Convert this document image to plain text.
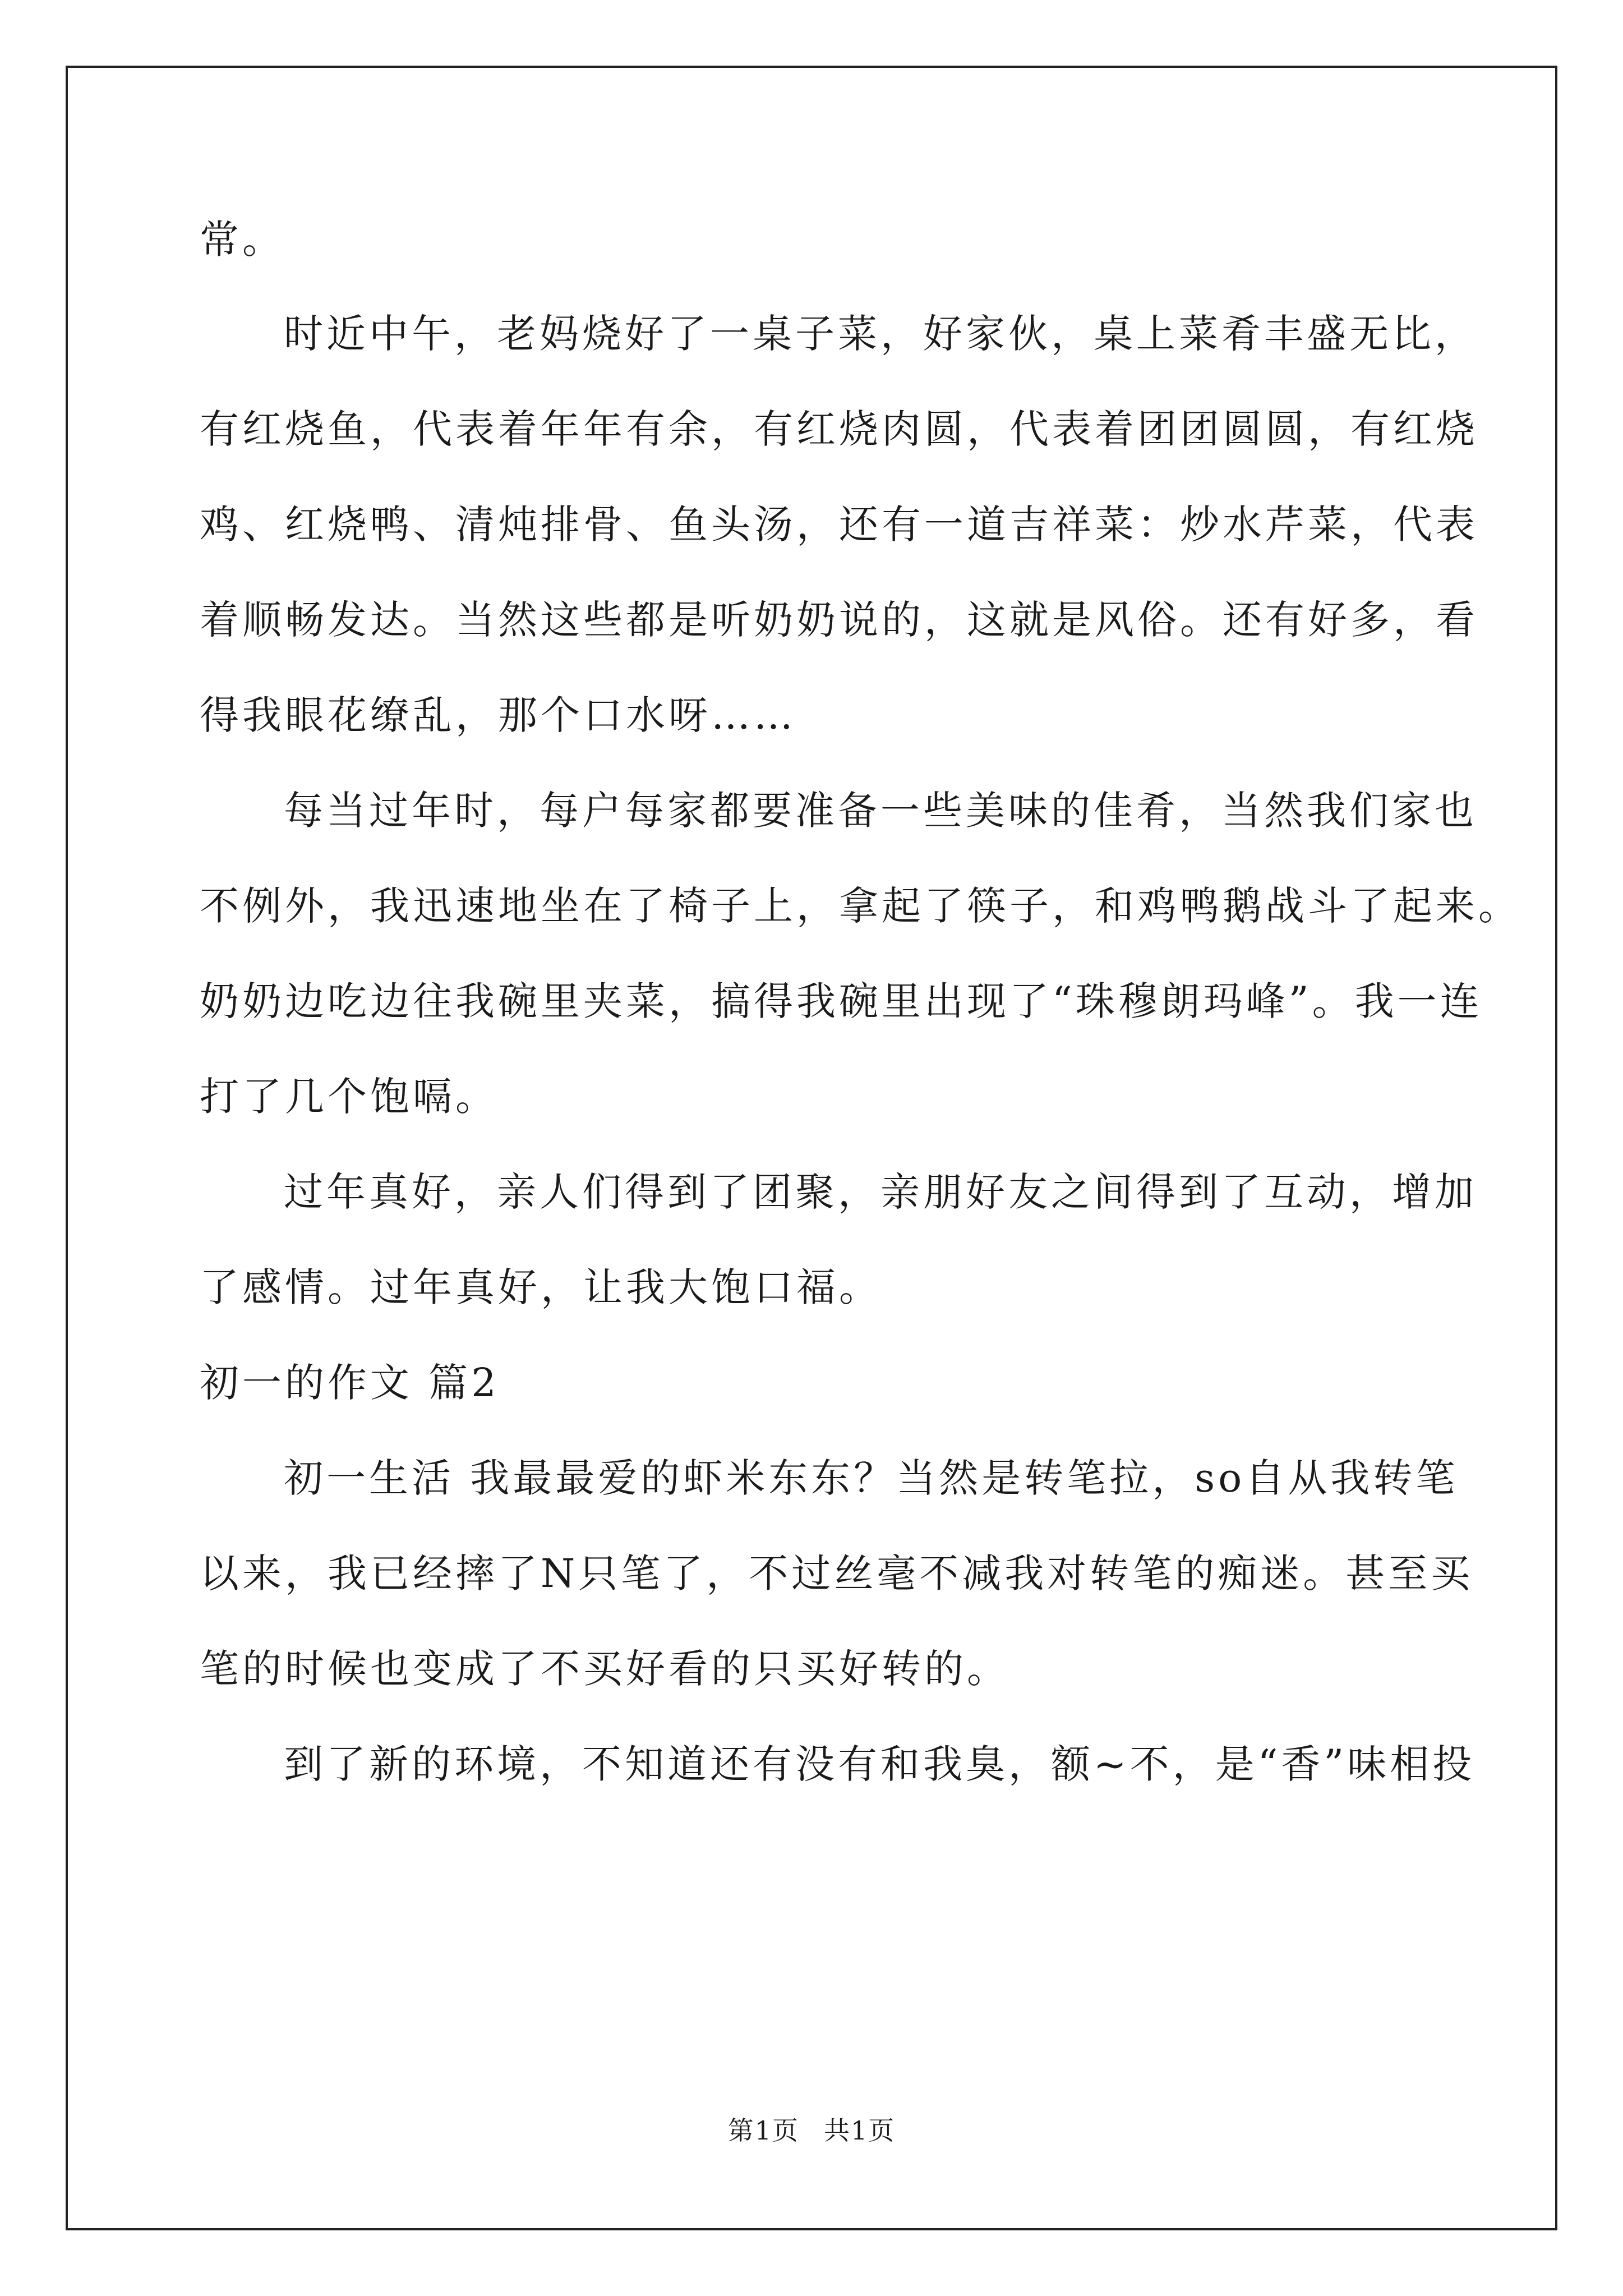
常。
时近中午，老妈烧好了一桌子菜，好家伙，桌上菜肴丰盛无比，
有红烧鱼，代表着年年有余，有红烧肉圆，代表着团团圆圆，有红烧
鸡、红烧鸭、清炖排骨、鱼头汤，还有一道吉祥菜：炒水芹菜，代表
着顺畅发达。当然这些都是听奶奶说的，这就是风俗。还有好多，看
得我眼花缭乱，那个口水呀……
每当过年时，每户每家都要准备一些美味的佳肴，当然我们家也
不例外，我迅速地坐在了椅子上，拿起了筷子，和鸡鸭鹅战斗了起来。
奶奶边吃边往我碗里夹菜，搞得我碗里出现了“珠穆朗玛峰”。我一连
打了几个饱嗝。
过年真好，亲人们得到了团聚，亲朋好友之间得到了互动，增加
了感情。过年真好，让我大饱口福。
初一的作文 篇2
初一生活 我最最爱的虾米东东？当然是转笔拉，so自从我转笔
以来，我已经摔了N只笔了，不过丝毫不减我对转笔的痴迷。甚至买
笔的时候也变成了不买好看的只买好转的。
到了新的环境，不知道还有没有和我臭，额~不，是“香”味相投
第1页 共1页
